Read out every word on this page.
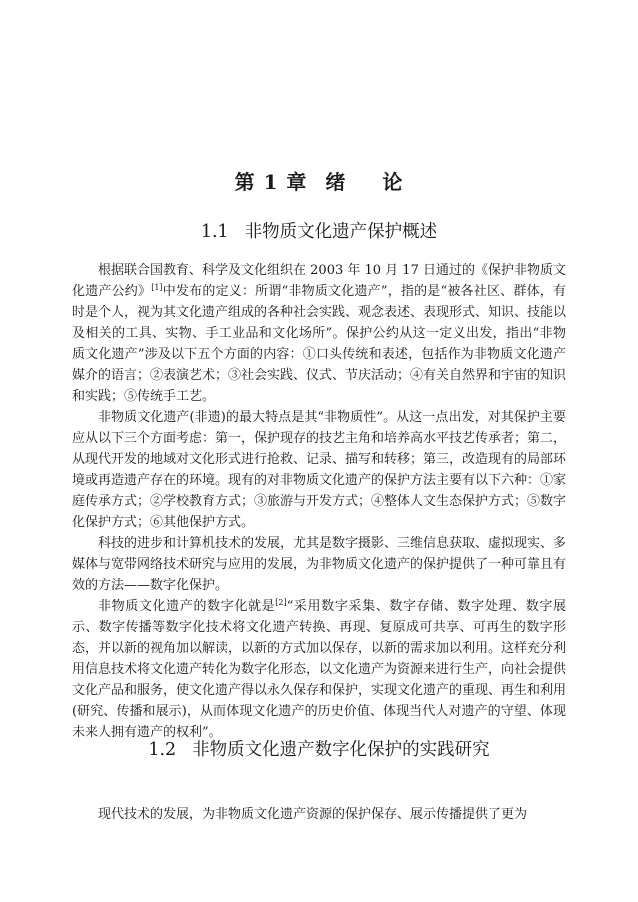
第 1 章 绪 论
1.1 非物质文化遗产保护概述

根据联合国教育、科学及文化组织在 2003 年 10 月 17 日通过的《保护非物质文化遗产公约》[1]中发布的定义：所谓“非物质文化遗产”，指的是“被各社区、群体，有时是个人，视为其文化遗产组成的各种社会实践、观念表述、表现形式、知识、技能以及相关的工具、实物、手工业品和文化场所”。保护公约从这一定义出发，指出“非物质文化遗产”涉及以下五个方面的内容：①口头传统和表述，包括作为非物质文化遗产媒介的语言；②表演艺术；③社会实践、仪式、节庆活动；④有关自然界和宇宙的知识和实践；⑤传统手工艺。

非物质文化遗产(非遗)的最大特点是其“非物质性”。从这一点出发，对其保护主要应从以下三个方面考虑：第一，保护现存的技艺主角和培养高水平技艺传承者；第二，从现代开发的地域对文化形式进行抢救、记录、描写和转移；第三，改造现有的局部环境或再造遗产存在的环境。现有的对非物质文化遗产的保护方法主要有以下六种：①家庭传承方式；②学校教育方式；③旅游与开发方式；④整体人文生态保护方式；⑤数字化保护方式；⑥其他保护方式。

科技的进步和计算机技术的发展，尤其是数字摄影、三维信息获取、虚拟现实、多媒体与宽带网络技术研究与应用的发展，为非物质文化遗产的保护提供了一种可靠且有效的方法——数字化保护。

非物质文化遗产的数字化就是[2]“采用数字采集、数字存储、数字处理、数字展示、数字传播等数字化技术将文化遗产转换、再现、复原成可共享、可再生的数字形态，并以新的视角加以解读，以新的方式加以保存，以新的需求加以利用。这样充分利用信息技术将文化遗产转化为数字化形态，以文化遗产为资源来进行生产，向社会提供文化产品和服务，使文化遗产得以永久保存和保护，实现文化遗产的重现、再生和利用(研究、传播和展示)，从而体现文化遗产的历史价值、体现当代人对遗产的守望、体现未来人拥有遗产的权利”。

1.2 非物质文化遗产数字化保护的实践研究

现代技术的发展，为非物质文化遗产资源的保护保存、展示传播提供了更为
